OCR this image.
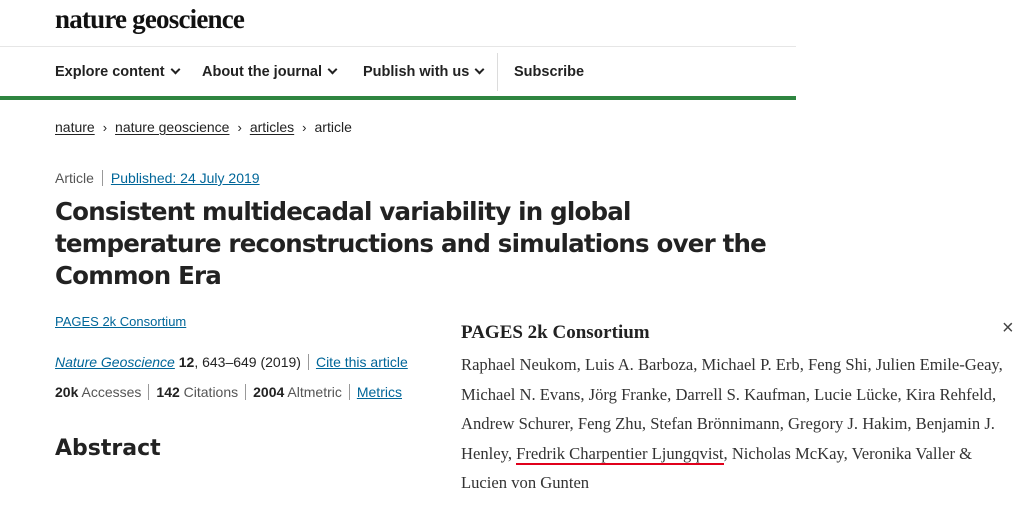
nature geoscience
Explore content	About the journal	Publish with us	Subscribe
nature › nature geoscience › articles › article
Article Published: 24 July 2019
Consistent multidecadal variability in global temperature reconstructions and simulations over the Common Era
PAGES 2k Consortium
Nature Geoscience 12, 643–649 (2019) Cite this article
20k Accesses 142 Citations 2004 Altmetric Metrics
Abstract
PAGES 2k Consortium	×
Raphael Neukom, Luis A. Barboza, Michael P. Erb, Feng Shi, Julien Emile-Geay, Michael N. Evans, Jörg Franke, Darrell S. Kaufman, Lucie Lücke, Kira Rehfeld, Andrew Schurer, Feng Zhu, Stefan Brönnimann, Gregory J. Hakim, Benjamin J. Henley, Fredrik Charpentier Ljungqvist, Nicholas McKay, Veronika Valler & Lucien von Gunten
